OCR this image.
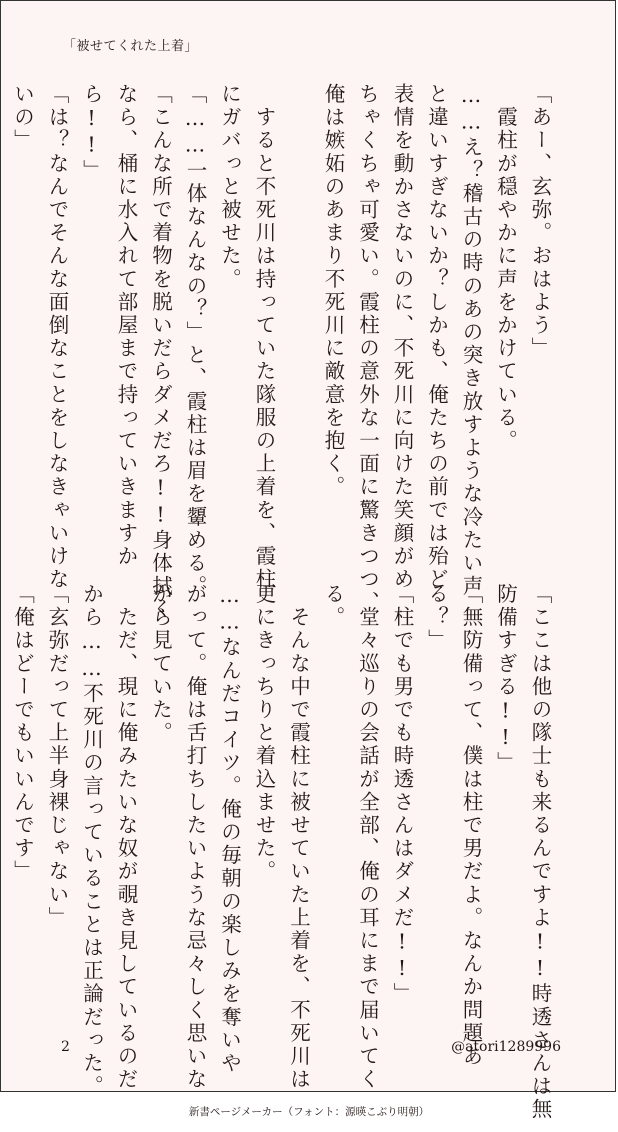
「被せてくれた上着」
「あー、玄弥。おはよう」
　霞柱が穏やかに声をかけている。
……え？稽古の時のあの突き放すような冷たい声
と違いすぎないか？しかも、俺たちの前では殆ど
表情を動かさないのに、不死川に向けた笑顔がめ
ちゃくちゃ可愛い。霞柱の意外な一面に驚きつつ、
俺は嫉妬のあまり不死川に敵意を抱く。

　すると不死川は持っていた隊服の上着を、霞柱
にガバっと被せた。
「……一体なんなの？」と、霞柱は眉を顰める。
「こんな所で着物を脱いだらダメだろ!!身体拭く
なら、桶に水入れて部屋まで持っていきますか
ら!!」
「は？なんでそんな面倒なことをしなきゃいけな
いの」
「ここは他の隊士も来るんですよ!!時透さんは無
防備すぎる!!」
「無防備って、僕は柱で男だよ。なんか問題あ
る？」
「柱でも男でも時透さんはダメだ!!」
　堂々巡りの会話が全部、俺の耳にまで届いてく
る。
　そんな中で霞柱に被せていた上着を、不死川は
更にきっちりと着込ませた。
……なんだコイツ。俺の毎朝の楽しみを奪いや
がって。俺は舌打ちしたいような忌々しく思いな
がら見ていた。
　ただ、現に俺みたいな奴が覗き見しているのだ
から……不死川の言っていることは正論だった。
「玄弥だって上半身裸じゃない」
「俺はどーでもいいんです」
2	@atori1289996
新書ページメーカー（フォント：源暎こぶり明朝）
